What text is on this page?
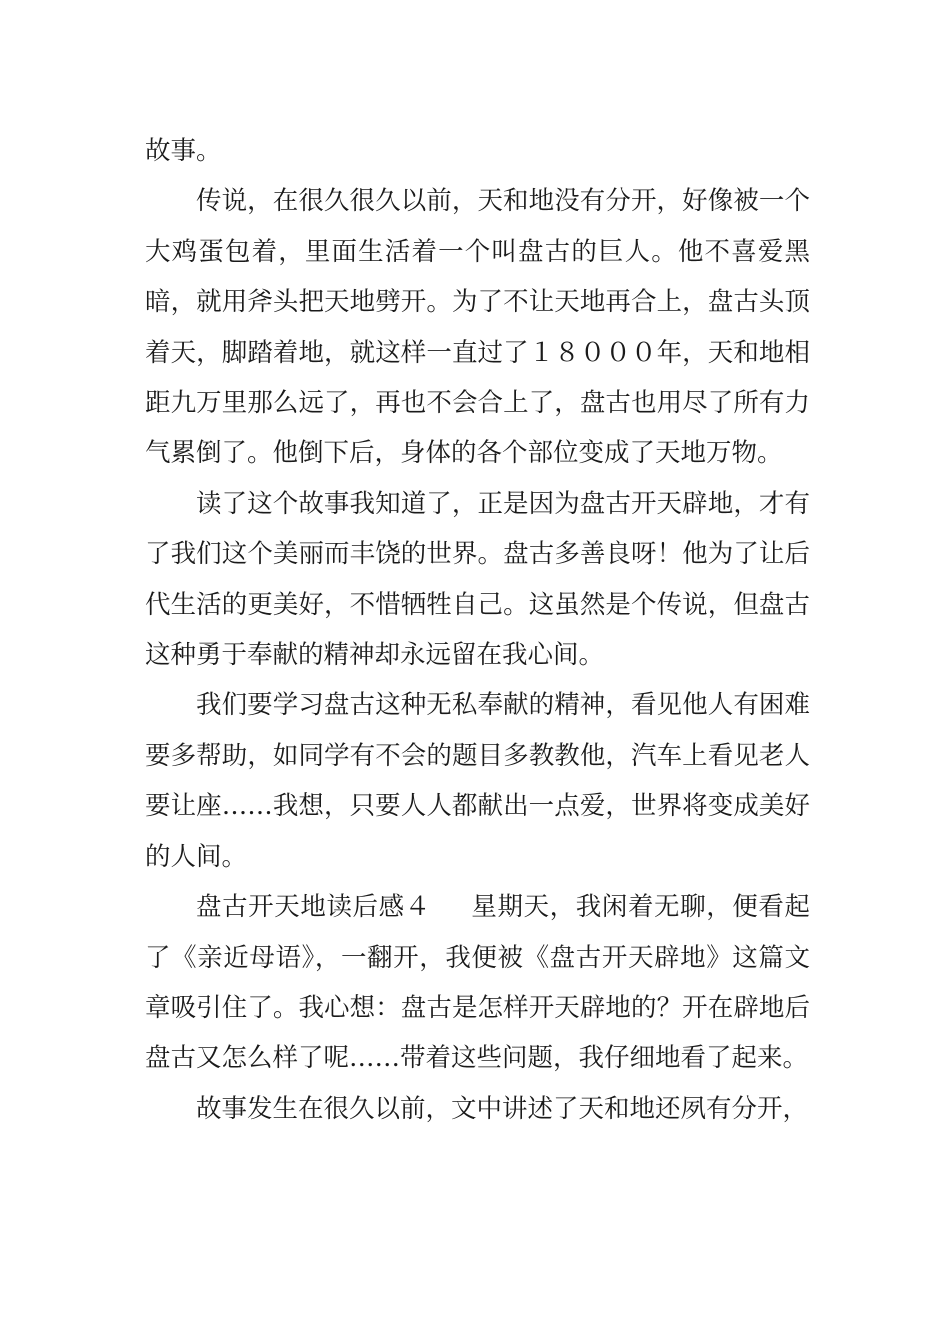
故事。

传说，在很久很久以前，天和地没有分开，好像被一个大鸡蛋包着，里面生活着一个叫盘古的巨人。他不喜爱黑暗，就用斧头把天地劈开。为了不让天地再合上，盘古头顶着天，脚踏着地，就这样一直过了１８０００年，天和地相距九万里那么远了，再也不会合上了，盘古也用尽了所有力气累倒了。他倒下后，身体的各个部位变成了天地万物。

读了这个故事我知道了，正是因为盘古开天辟地，才有了我们这个美丽而丰饶的世界。盘古多善良呀！他为了让后代生活的更美好，不惜牺牲自己。这虽然是个传说，但盘古这种勇于奉献的精神却永远留在我心间。

我们要学习盘古这种无私奉献的精神，看见他人有困难要多帮助，如同学有不会的题目多教教他，汽车上看见老人要让座……我想，只要人人都献出一点爱，世界将变成美好的人间。

盘古开天地读后感４ 星期天，我闲着无聊，便看起了《亲近母语》，一翻开，我便被《盘古开天辟地》这篇文章吸引住了。我心想：盘古是怎样开天辟地的？开在辟地后盘古又怎么样了呢……带着这些问题，我仔细地看了起来。

故事发生在很久以前，文中讲述了天和地还夙有分开，
